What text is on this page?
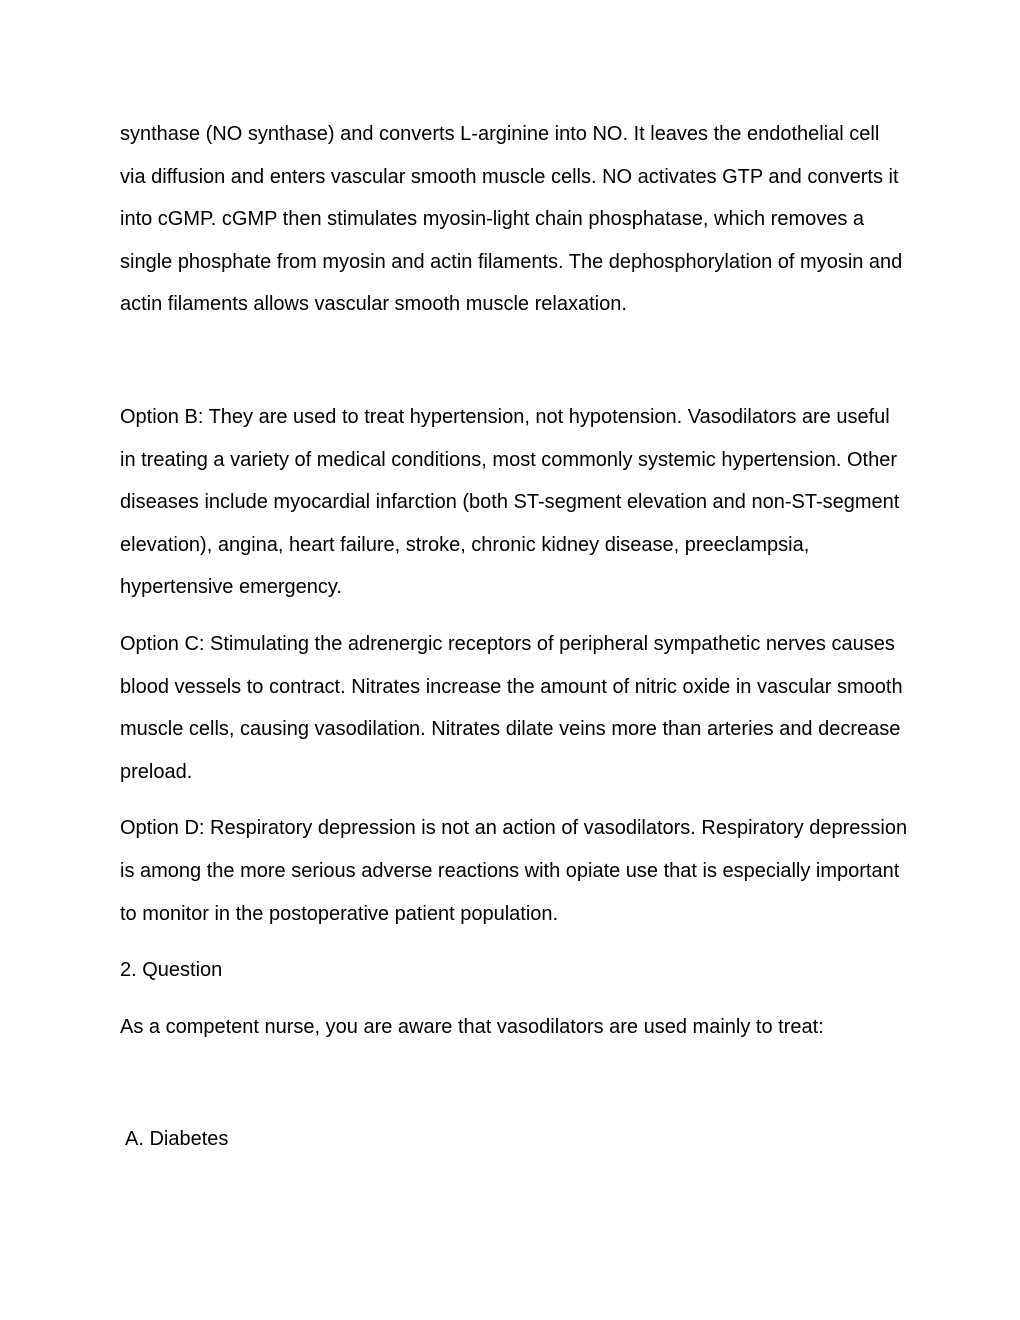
synthase (NO synthase) and converts L-arginine into NO. It leaves the endothelial cell via diffusion and enters vascular smooth muscle cells. NO activates GTP and converts it into cGMP. cGMP then stimulates myosin-light chain phosphatase, which removes a single phosphate from myosin and actin filaments. The dephosphorylation of myosin and actin filaments allows vascular smooth muscle relaxation.

Option B: They are used to treat hypertension, not hypotension. Vasodilators are useful in treating a variety of medical conditions, most commonly systemic hypertension. Other diseases include myocardial infarction (both ST-segment elevation and non-ST-segment elevation), angina, heart failure, stroke, chronic kidney disease, preeclampsia, hypertensive emergency.

Option C: Stimulating the adrenergic receptors of peripheral sympathetic nerves causes blood vessels to contract. Nitrates increase the amount of nitric oxide in vascular smooth muscle cells, causing vasodilation. Nitrates dilate veins more than arteries and decrease preload.

Option D: Respiratory depression is not an action of vasodilators. Respiratory depression is among the more serious adverse reactions with opiate use that is especially important to monitor in the postoperative patient population.

2. Question

As a competent nurse, you are aware that vasodilators are used mainly to treat:

A. Diabetes
